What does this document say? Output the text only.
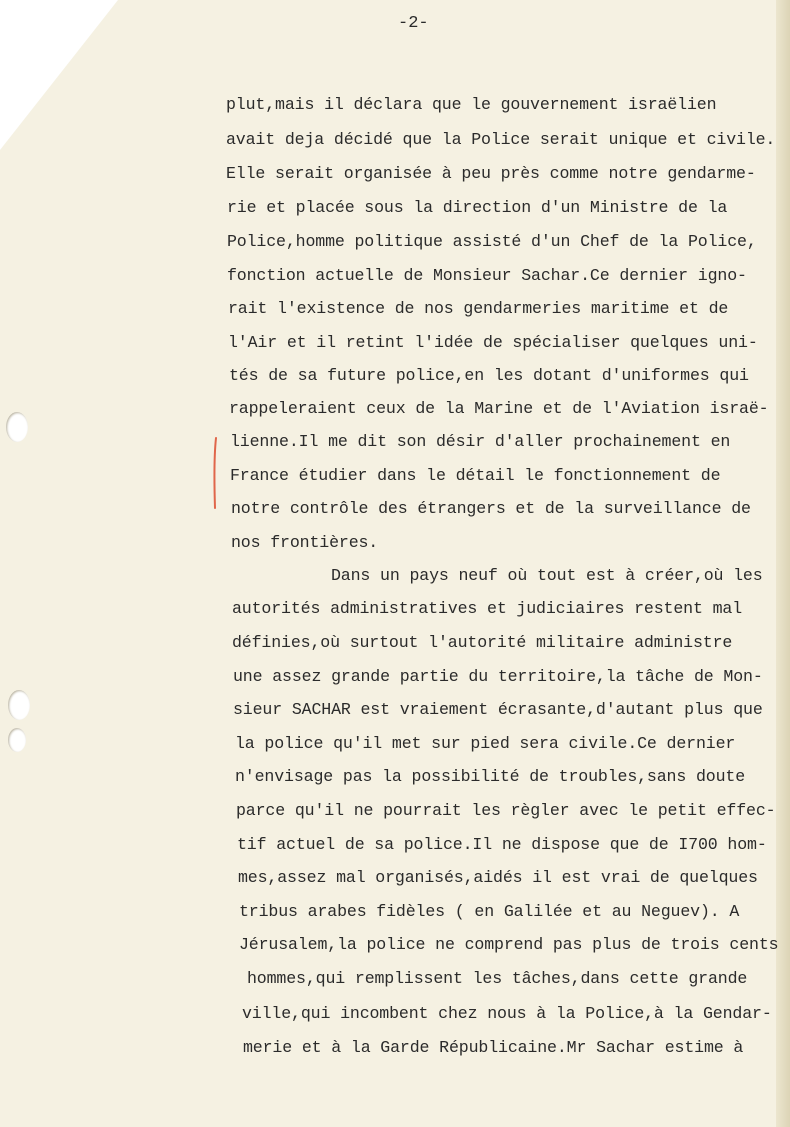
-2-
plut,mais il déclara que le gouvernement israëlien
avait deja décidé que la Police serait unique et civile.
Elle serait organisée à peu près comme notre gendarme-
rie et placée sous la direction d'un Ministre de la
Police,homme politique assisté d'un Chef de la Police,
fonction actuelle de Monsieur Sachar.Ce dernier igno-
rait l'existence de nos gendarmeries maritime et de
l'Air et il retint l'idée de spécialiser quelques uni-
tés de sa future police,en les dotant d'uniformes qui
rappeleraient ceux de la Marine et de l'Aviation israë-
lienne.Il me dit son désir d'aller prochainement en
France étudier dans le détail le fonctionnement de
notre contrôle des étrangers et de la surveillance de
nos frontières.
Dans un pays neuf où tout est à créer,où les
autorités administratives et judiciaires restent mal
définies,où surtout l'autorité militaire administre
une assez grande partie du territoire,la tâche de Mon-
sieur SACHAR est vraiement écrasante,d'autant plus que
la police qu'il met sur pied sera civile.Ce dernier
n'envisage pas la possibilité de troubles,sans doute
parce qu'il ne pourrait les règler avec le petit effec-
tif actuel de sa police.Il ne dispose que de I700 hom-
mes,assez mal organisés,aidés il est vrai de quelques
tribus arabes fidèles ( en Galilée et au Neguev). A
Jérusalem,la police ne comprend pas plus de trois cents
hommes,qui remplissent les tâches,dans cette grande
ville,qui incombent chez nous à la Police,à la Gendar-
merie et à la Garde Républicaine.Mr Sachar estime à
